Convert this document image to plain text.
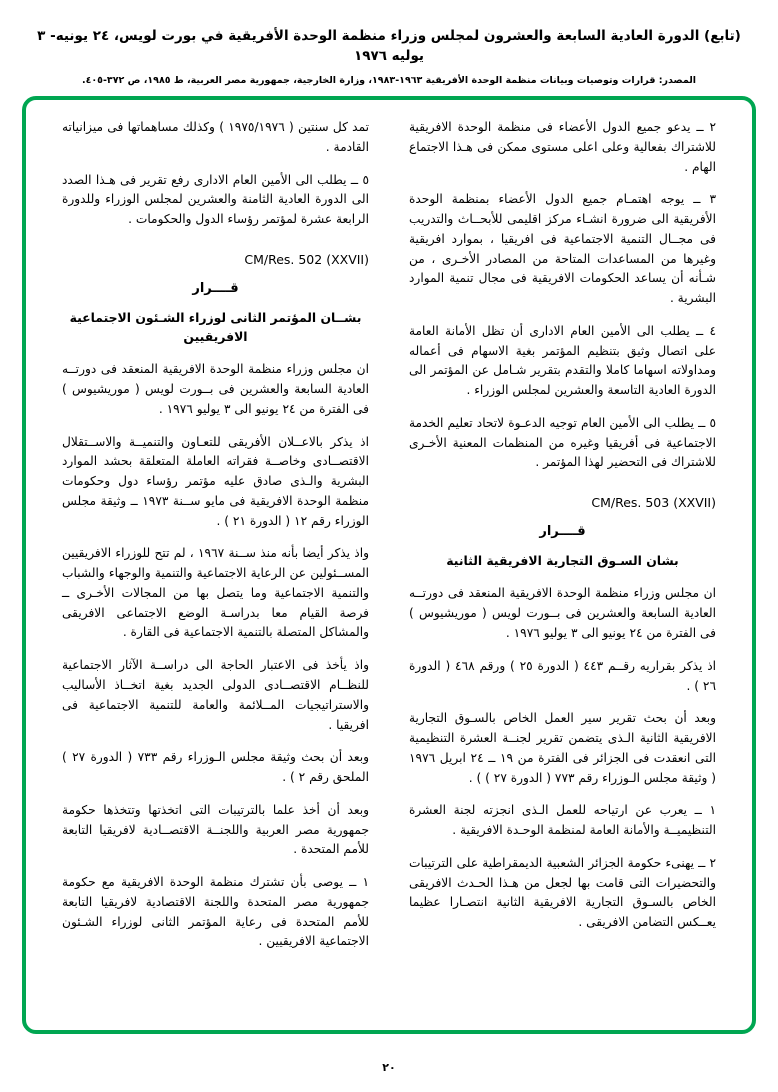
(تابع) الدورة العادية السابعة والعشرون لمجلس وزراء منظمة الوحدة الأفريقية في بورت لويس، ٢٤ يونيه- ٣ يوليه ١٩٧٦
المصدر: قرارات وتوصيات وبيانات منظمة الوحدة الأفريقية ١٩٦٣-١٩٨٣، وزارة الخارجية، جمهورية مصر العربية، ط ١٩٨٥، ص ٣٧٢-٤٠٥.

٢ ــ يدعو جميع الدول الأعضاء فى منظمة الوحدة الافريقية للاشتراك بفعالية وعلى اعلى مستوى ممكن فى هـذا الاجتماع الهام .

٣ ــ يوجه اهتمـام جميع الدول الأعضاء بمنظمة الوحدة الأفريقية الى ضرورة انشـاء مركز اقليمى للأبحــاث والتدريب فى مجــال التنمية الاجتماعية فى افريقيا ، بموارد افريقية وغيرها من المساعدات المتاحة من المصادر الأخـرى ، من شـأنه أن يساعد الحكومات الافريقية فى مجال تنمية الموارد البشرية .

٤ ــ يطلب الى الأمين العام الادارى أن تظل الأمانة العامة على اتصال وثيق بتنظيم المؤتمر بغية الاسهام فى أعماله ومداولاته اسهاما كاملا والتقدم بتقرير شـامل عن المؤتمر الى الدورة العادية التاسعة والعشرين لمجلس الوزراء .

٥ ــ يطلب الى الأمين العام توجيه الدعـوة لاتحاد تعليم الخدمة الاجتماعية فى أفريقيا وغيره من المنظمات المعنية الأخـرى للاشتراك فى التحضير لهذا المؤتمر .

CM/Res. 503 (XXVII)
قــــرار
بشان السـوق التجارية الافريقية الثانية

ان مجلس وزراء منظمة الوحدة الافريقية المنعقد فى دورتــه العادية السابعة والعشرين فى بــورت لويس ( موريشيوس ) فى الفترة من ٢٤ يونيو الى ٣ يوليو ١٩٧٦ .

اذ يذكر بقراريه رقــم ٤٤٣ ( الدورة ٢٥ ) ورقم ٤٦٨ ( الدورة ٢٦ ) .

وبعد أن بحث تقرير سير العمل الخاص بالسـوق التجارية الافريقية الثانية الـذى يتضمن تقرير لجنــة العشرة التنظيمية التى انعقدت فى الجزائر فى الفترة من ١٩ ــ ٢٤ ابريل ١٩٧٦ ( وثيقة مجلس الـوزراء رقم ٧٧٣ ( الدورة ٢٧ ) ) .

١ ــ يعرب عن ارتياحه للعمل الـذى انجزته لجنة العشرة التنظيميــة والأمانة العامة لمنظمة الوحـدة الافريقية .

٢ ــ يهنىء حكومة الجزائر الشعبية الديمقراطية على الترتيبات والتحضيرات التى قامت بها لجعل من هـذا الحـدث الافريقى الخاص بالسـوق التجارية الافريقية الثانية انتصـارا عظيما يعــكس التضامن الافريقى .

تمد كل سنتين ( ١٩٧٥/١٩٧٦ ) وكذلك مساهماتها فى ميزانياته القادمة .

٥ ــ يطلب الى الأمين العام الادارى رفع تقرير فى هـذا الصدد الى الدورة العادية الثامنة والعشرين لمجلس الوزراء وللدورة الرابعة عشرة لمؤتمر رؤساء الدول والحكومات .

CM/Res. 502 (XXVII)
قــــرار
بشــان المؤتمر الثانى لوزراء الشـئون الاجتماعية الافريقيين

ان مجلس وزراء منظمة الوحدة الافريقية المنعقد فى دورتــه العادية السابعة والعشرين فى بــورت لويس ( موريشيوس ) فى الفترة من ٢٤ يونيو الى ٣ يوليو ١٩٧٦ .

اذ يذكر بالاعــلان الأفريقى للتعـاون والتنميــة والاســتقلال الاقتصــادى وخاصــة فقراته العاملة المتعلقة بحشد الموارد البشرية والـذى صادق عليه مؤتمر رؤساء دول وحكومات منظمة الوحدة الافريقية فى مايو ســنة ١٩٧٣ ــ وثيقة مجلس الوزراء رقم ١٢ ( الدورة ٢١ ) .

واذ يذكر أيضا بأنه منذ ســنة ١٩٦٧ ، لم تتح للوزراء الافريقيين المســئولين عن الرعاية الاجتماعية والتنمية والوجهاء والشباب والتنمية الاجتماعية وما يتصل بها من المجالات الأخـرى ــ فرصة القيام معا بدراسـة الوضع الاجتماعى الافريقى والمشاكل المتصلة بالتنمية الاجتماعية فى القارة .

واذ يأخذ فى الاعتبار الحاجة الى دراســة الآثار الاجتماعية للنظــام الاقتصــادى الدولى الجديد بغية اتخــاذ الأساليب والاستراتيجيات المــلائمة والعامة للتنمية الاجتماعية فى افريقيا .

وبعد أن بحث وثيقة مجلس الـوزراء رقم ٧٣٣ ( الدورة ٢٧ ) الملحق رقم ٢ ) .

وبعد أن أخذ علما بالترتيبات التى اتخذتها وتتخذها حكومة جمهورية مصر العربية واللجنــة الاقتصــادية لافريقيا التابعة للأمم المتحدة .

١ ــ يوصى بأن تشترك منظمة الوحدة الافريقية مع حكومة جمهورية مصر المتحدة واللجنة الاقتصادية لافريقيا التابعة للأمم المتحدة فى رعاية المؤتمر الثانى لوزراء الشـئون الاجتماعية الافريقيين .

٢٠
